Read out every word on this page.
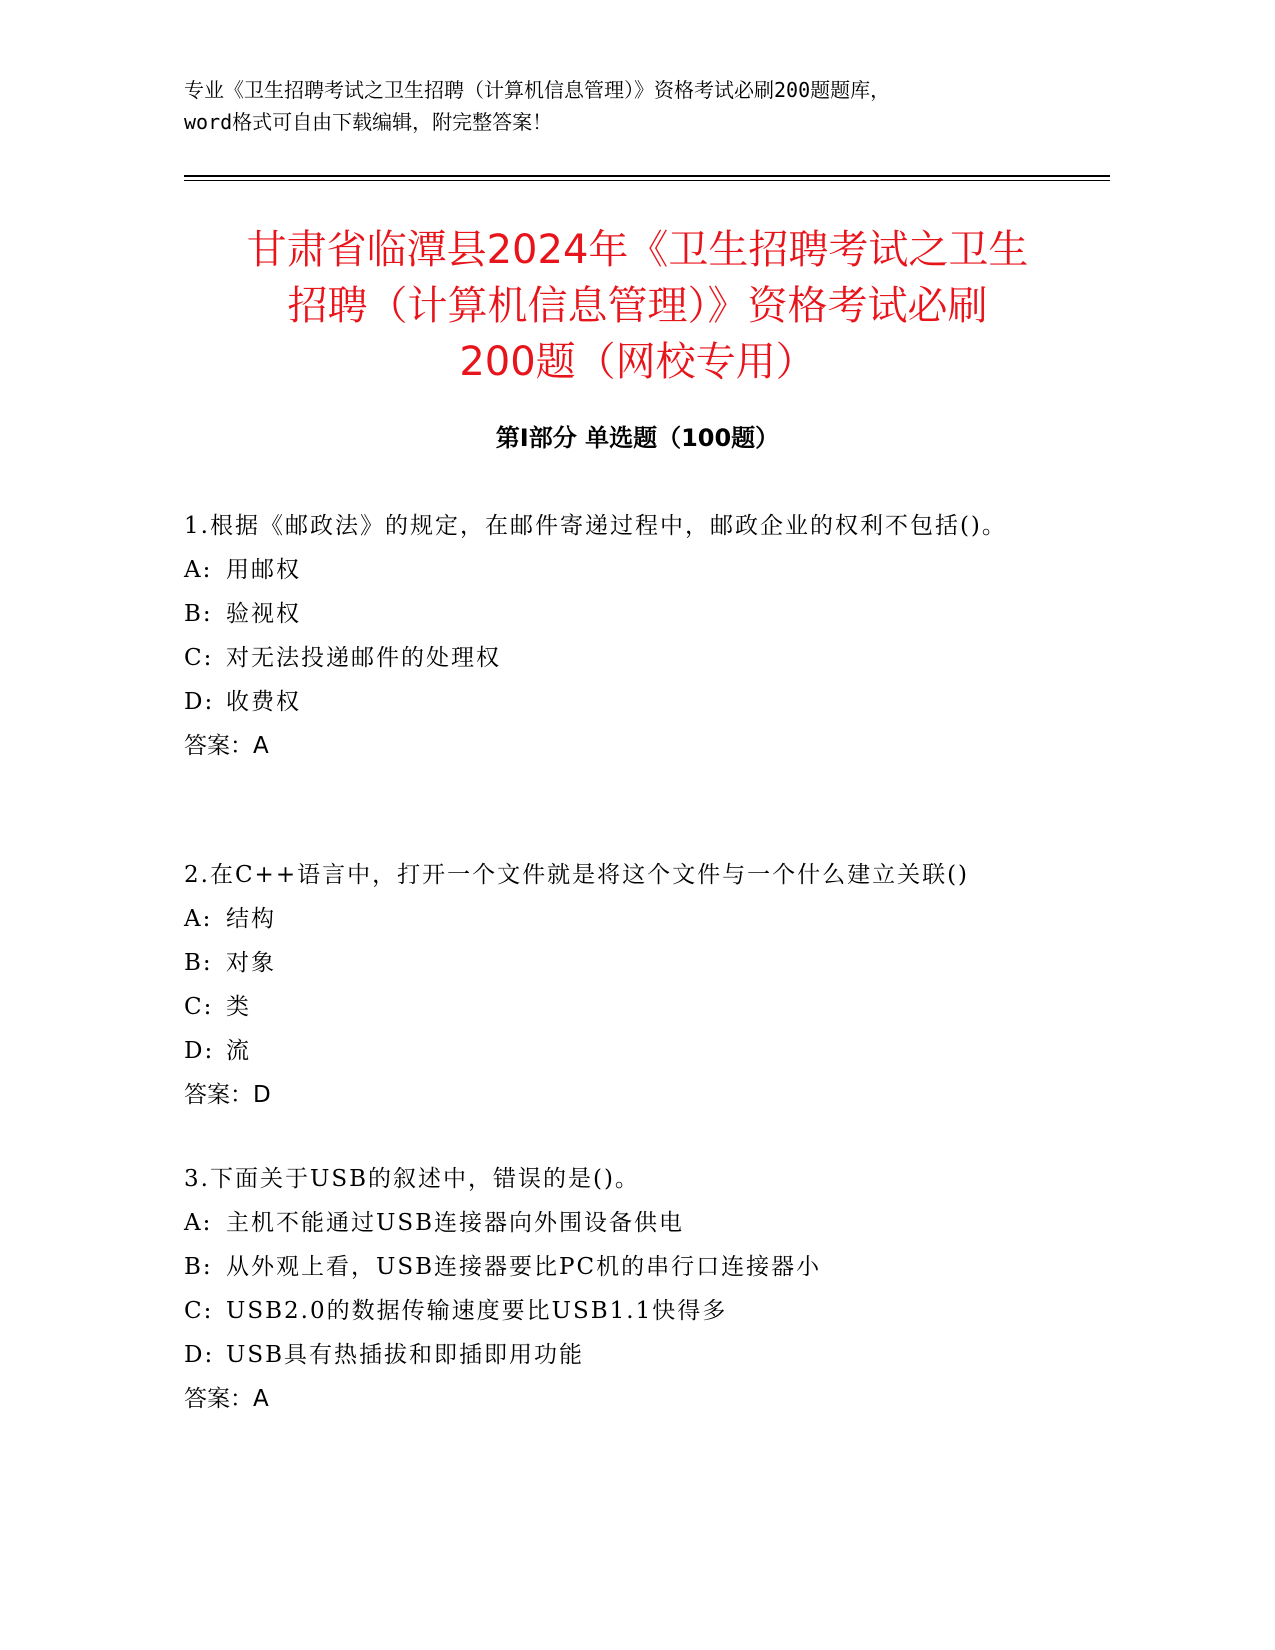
专业《卫生招聘考试之卫生招聘（计算机信息管理）》资格考试必刷200题题库，
word格式可自由下载编辑，附完整答案！
甘肃省临潭县2024年《卫生招聘考试之卫生
招聘（计算机信息管理）》资格考试必刷
200题（网校专用）
第Ⅰ部分 单选题（100题）

1.根据《邮政法》的规定，在邮件寄递过程中，邮政企业的权利不包括()。

A: 用邮权

B: 验视权

C: 对无法投递邮件的处理权

D: 收费权

答案：A

2.在C++语言中，打开一个文件就是将这个文件与一个什么建立关联()

A: 结构

B: 对象

C: 类

D: 流

答案：D

3.下面关于USB的叙述中，错误的是()。

A: 主机不能通过USB连接器向外围设备供电

B: 从外观上看，USB连接器要比PC机的串行口连接器小

C: USB2.0的数据传输速度要比USB1.1快得多

D: USB具有热插拔和即插即用功能

答案：A
